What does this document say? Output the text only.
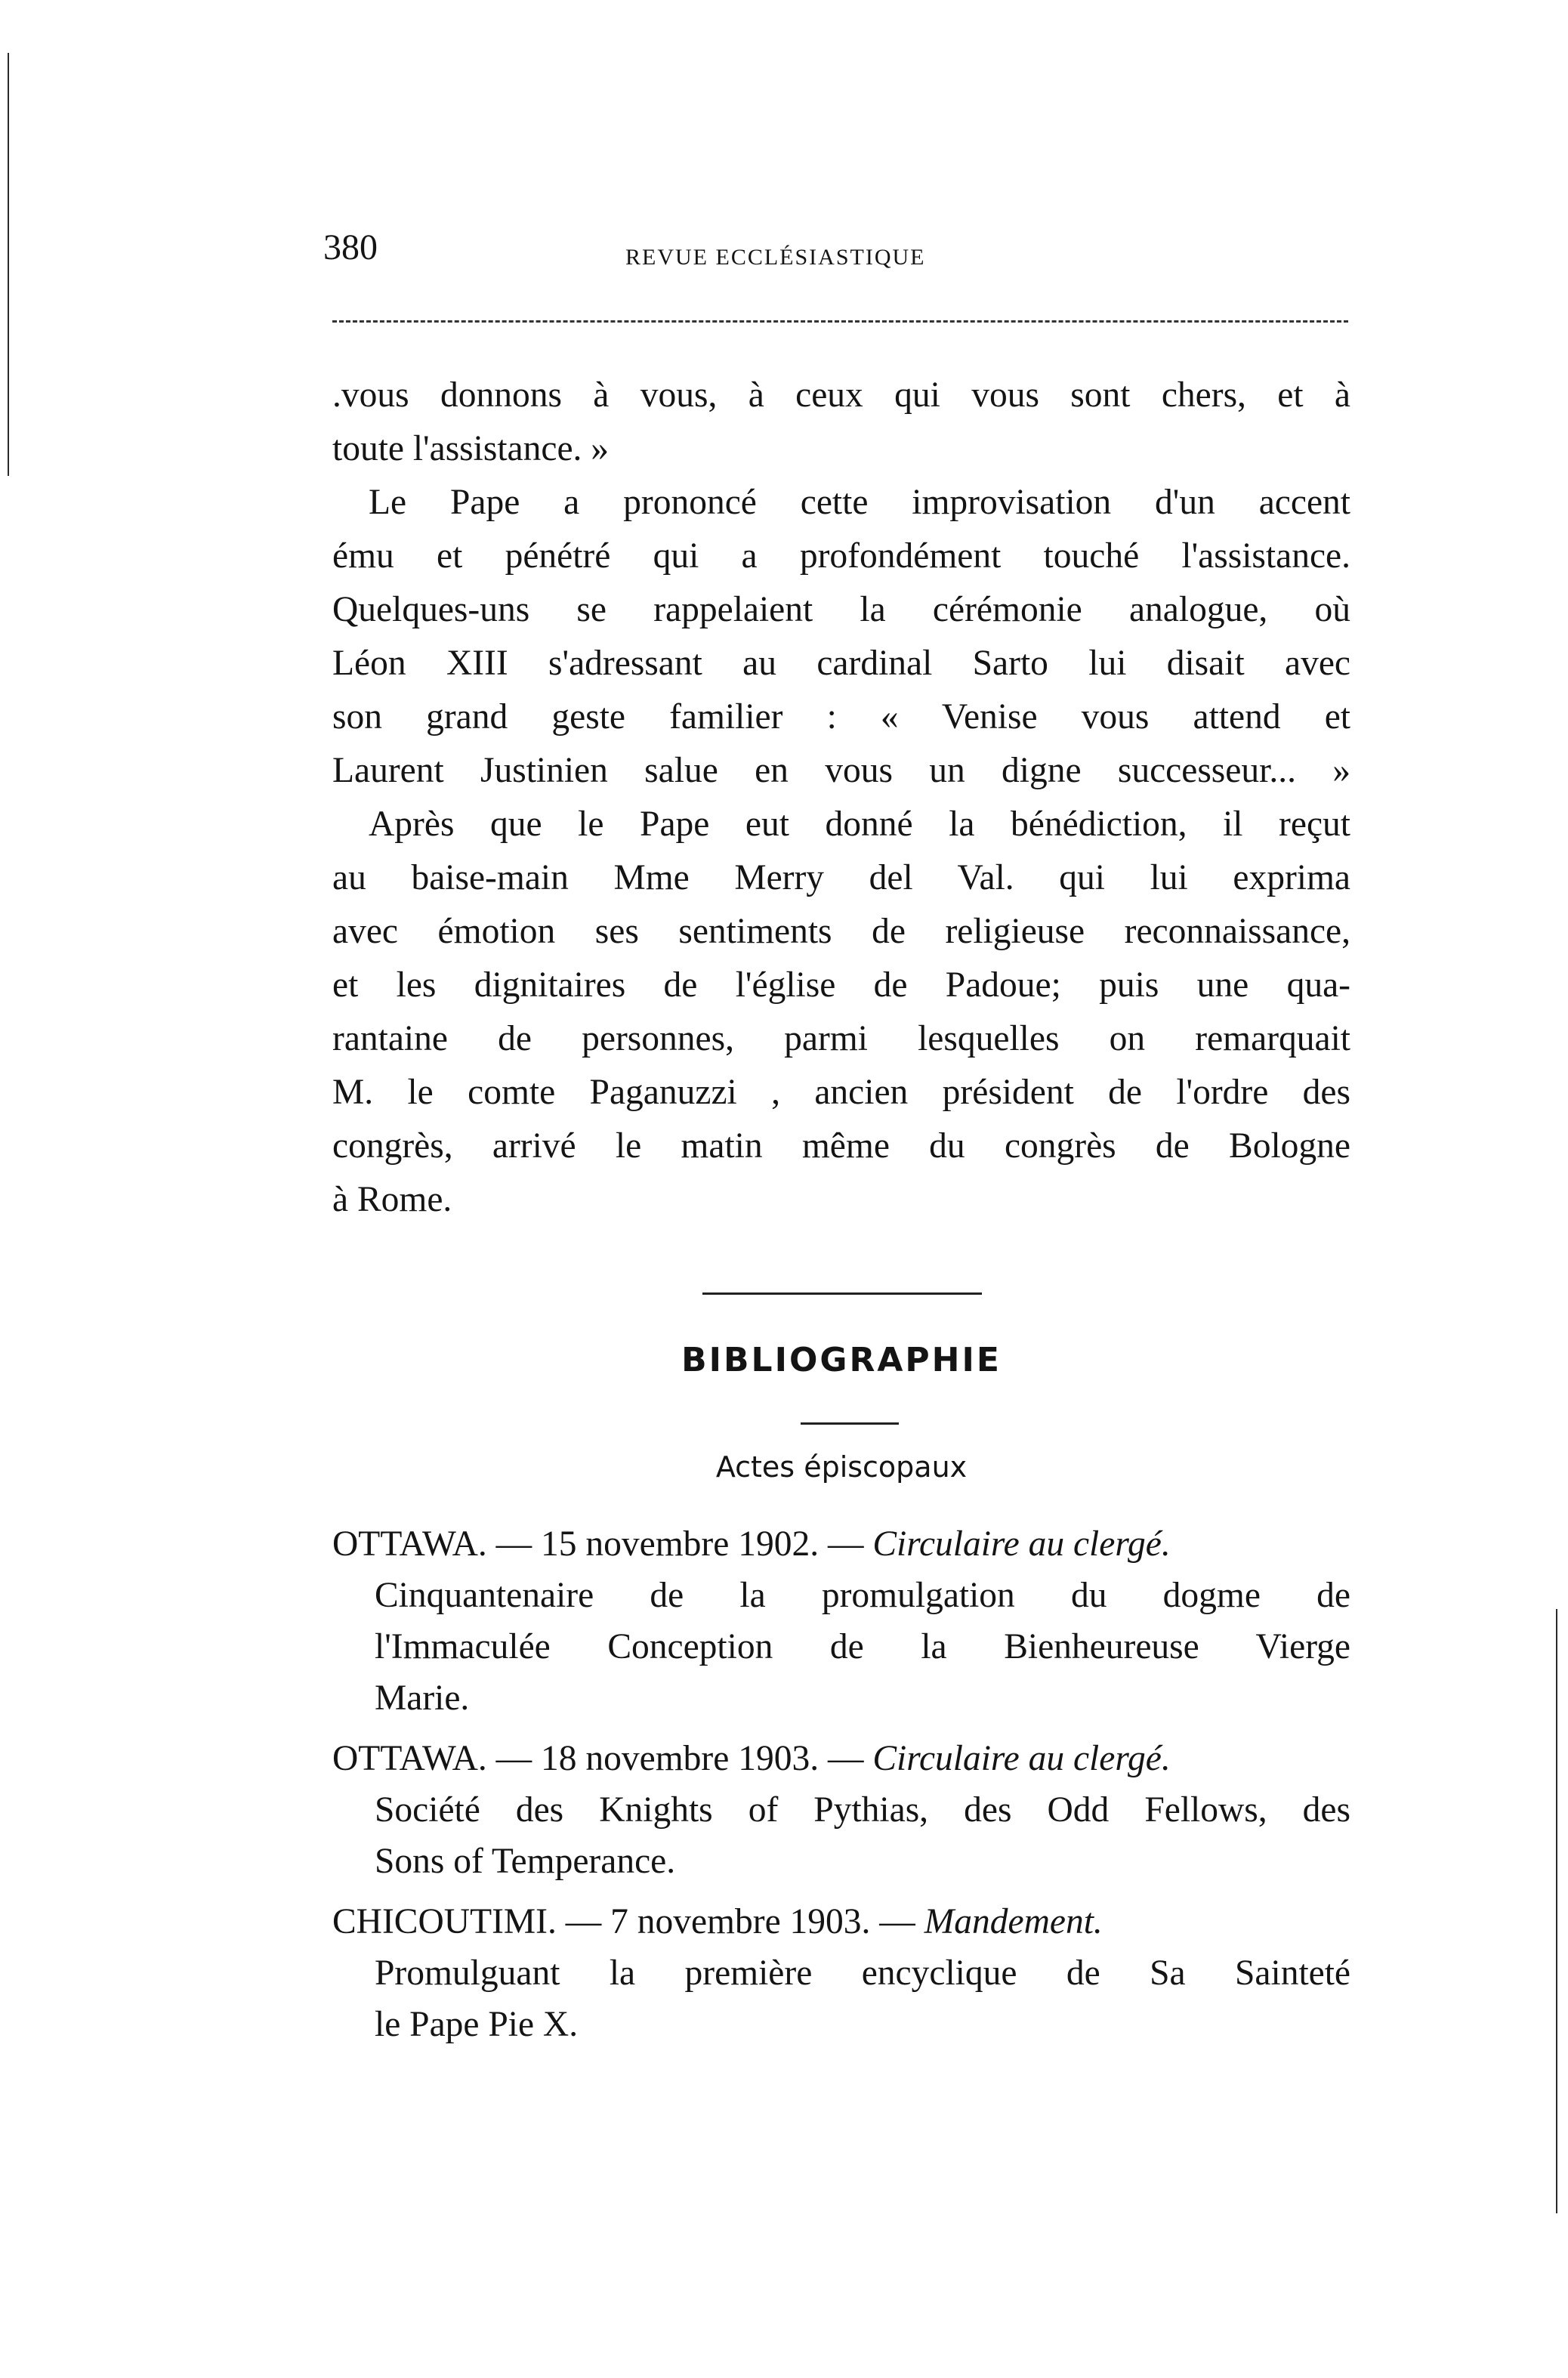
380	REVUE ECCLÉSIASTIQUE
.vous donnons à vous, à ceux qui vous sont chers, et à
toute l'assistance. »
Le Pape a prononcé cette improvisation d'un accent
ému et pénétré qui a profondément touché l'assistance.
Quelques-uns se rappelaient la cérémonie analogue, où
Léon XIII s'adressant au cardinal Sarto lui disait avec
son grand geste familier : « Venise vous attend et
Laurent Justinien salue en vous un digne successeur... »
Après que le Pape eut donné la bénédiction, il reçut
au baise-main Mme Merry del Val. qui lui exprima
avec émotion ses sentiments de religieuse reconnaissance,
et les dignitaires de l'église de Padoue; puis une qua-
rantaine de personnes, parmi lesquelles on remarquait
M. le comte Paganuzzi , ancien président de l'ordre des
congrès, arrivé le matin même du congrès de Bologne
à Rome.
BIBLIOGRAPHIE
Actes épiscopaux
OTTAWA. — 15 novembre 1902. — Circulaire au clergé.
Cinquantenaire de la promulgation du dogme de
l'Immaculée Conception de la Bienheureuse Vierge
Marie.
OTTAWA. — 18 novembre 1903. — Circulaire au clergé.
Société des Knights of Pythias, des Odd Fellows, des
Sons of Temperance.
CHICOUTIMI. — 7 novembre 1903. — Mandement.
Promulguant la première encyclique de Sa Sainteté
le Pape Pie X.
